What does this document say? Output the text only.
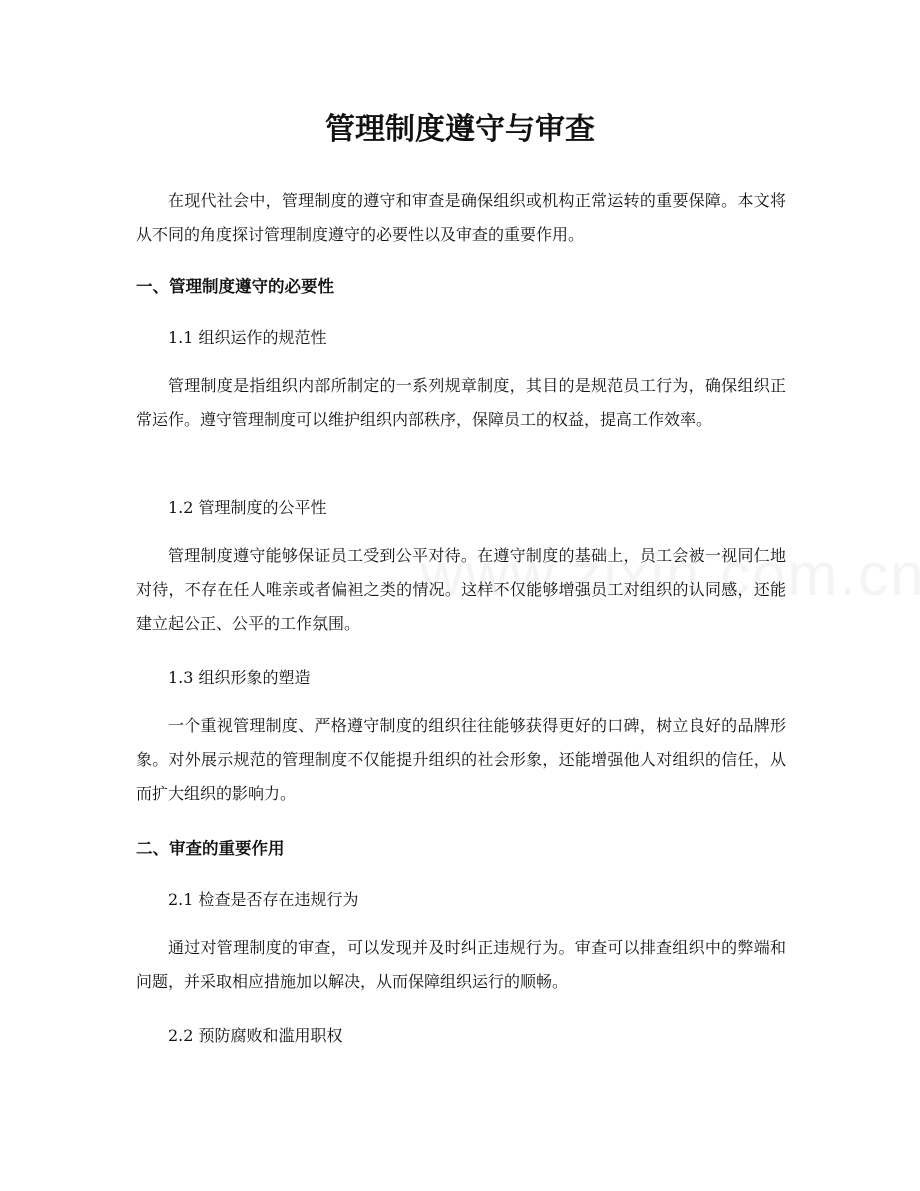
管理制度遵守与审查

在现代社会中，管理制度的遵守和审查是确保组织或机构正常运转的重要保障。本文将从不同的角度探讨管理制度遵守的必要性以及审查的重要作用。

一、管理制度遵守的必要性
1.1 组织运作的规范性

管理制度是指组织内部所制定的一系列规章制度，其目的是规范员工行为，确保组织正常运作。遵守管理制度可以维护组织内部秩序，保障员工的权益，提高工作效率。

1.2 管理制度的公平性

管理制度遵守能够保证员工受到公平对待。在遵守制度的基础上，员工会被一视同仁地对待，不存在任人唯亲或者偏袒之类的情况。这样不仅能够增强员工对组织的认同感，还能建立起公正、公平的工作氛围。

1.3 组织形象的塑造

一个重视管理制度、严格遵守制度的组织往往能够获得更好的口碑，树立良好的品牌形象。对外展示规范的管理制度不仅能提升组织的社会形象，还能增强他人对组织的信任，从而扩大组织的影响力。

二、审查的重要作用
2.1 检查是否存在违规行为

通过对管理制度的审查，可以发现并及时纠正违规行为。审查可以排查组织中的弊端和问题，并采取相应措施加以解决，从而保障组织运行的顺畅。

2.2 预防腐败和滥用职权
